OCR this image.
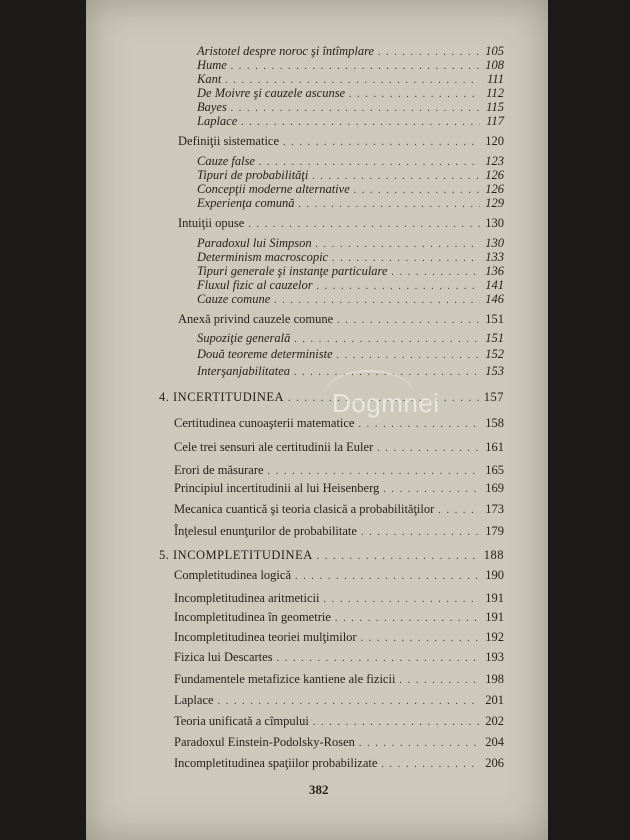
Aristotel despre noroc şi întîmplare . . .	105
Hume . . .	108
Kant . . .	111
De Moivre şi cauzele ascunse . . .	112
Bayes . . .	115
Laplace . . .	117
Definiţii sistematice . . .	120
Cauze false . . .	123
Tipuri de probabilităţi . . .	126
Concepţii moderne alternative . . .	126
Experienţa comună . . .	129
Intuiţii opuse . . .	130
Paradoxul lui Simpson . . .	130
Determinism macroscopic . . .	133
Tipuri generale şi instanţe particulare . . .	136
Fluxul fizic al cauzelor . . .	141
Cauze comune . . .	146
Anexă privind cauzele comune . . .	151
Supoziţie generală . . .	151
Două teoreme deterministe . . .	152
Interşanjabilitatea . . .	153
4. INCERTITUDINEA . . .	157
Certitudinea cunoaşterii matematice . . .	158
Cele trei sensuri ale certitudinii la Euler . . .	161
Erori de măsurare . . .	165
Principiul incertitudinii al lui Heisenberg . . .	169
Mecanica cuantică şi teoria clasică a probabilităţilor . . .	173
Înţelesul enunţurilor de probabilitate . . .	179
5. INCOMPLETITUDINEA . . .	188
Completitudinea logică . . .	190
Incompletitudinea aritmeticii . . .	191
Incompletitudinea în geometrie . . .	191
Incompletitudinea teoriei mulţimilor . . .	192
Fizica lui Descartes . . .	193
Fundamentele metafizice kantiene ale fizicii . . .	198
Laplace . . .	201
Teoria unificată a cîmpului . . .	202
Paradoxul Einstein-Podolsky-Rosen . . .	204
Incompletitudinea spaţiilor probabilizate . . .	206
Dogmnei
382
